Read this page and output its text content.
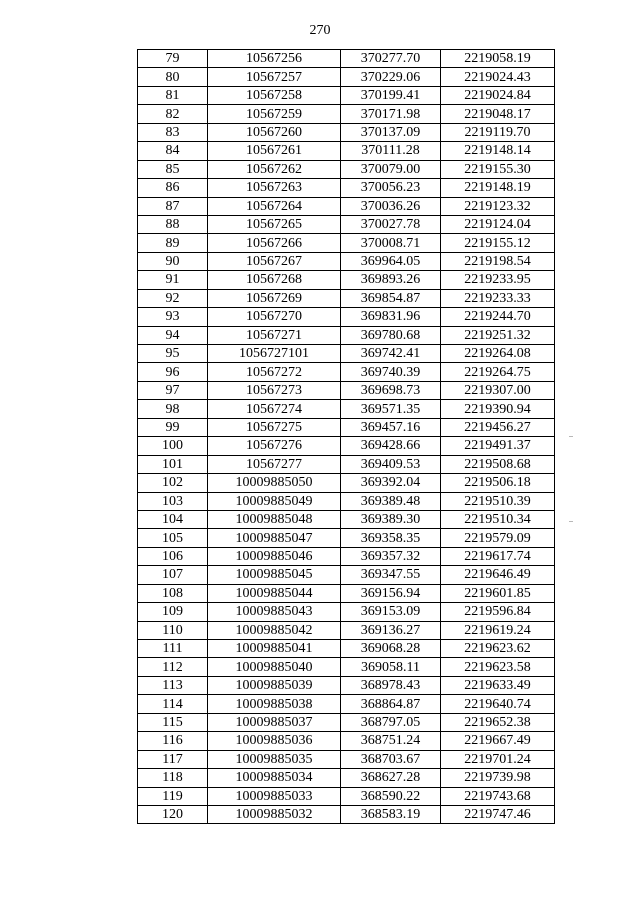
270
79	10567256	370277.70	2219058.19
80	10567257	370229.06	2219024.43
81	10567258	370199.41	2219024.84
82	10567259	370171.98	2219048.17
83	10567260	370137.09	2219119.70
84	10567261	370111.28	2219148.14
85	10567262	370079.00	2219155.30
86	10567263	370056.23	2219148.19
87	10567264	370036.26	2219123.32
88	10567265	370027.78	2219124.04
89	10567266	370008.71	2219155.12
90	10567267	369964.05	2219198.54
91	10567268	369893.26	2219233.95
92	10567269	369854.87	2219233.33
93	10567270	369831.96	2219244.70
94	10567271	369780.68	2219251.32
95	1056727101	369742.41	2219264.08
96	10567272	369740.39	2219264.75
97	10567273	369698.73	2219307.00
98	10567274	369571.35	2219390.94
99	10567275	369457.16	2219456.27
100	10567276	369428.66	2219491.37
101	10567277	369409.53	2219508.68
102	10009885050	369392.04	2219506.18
103	10009885049	369389.48	2219510.39
104	10009885048	369389.30	2219510.34
105	10009885047	369358.35	2219579.09
106	10009885046	369357.32	2219617.74
107	10009885045	369347.55	2219646.49
108	10009885044	369156.94	2219601.85
109	10009885043	369153.09	2219596.84
110	10009885042	369136.27	2219619.24
111	10009885041	369068.28	2219623.62
112	10009885040	369058.11	2219623.58
113	10009885039	368978.43	2219633.49
114	10009885038	368864.87	2219640.74
115	10009885037	368797.05	2219652.38
116	10009885036	368751.24	2219667.49
117	10009885035	368703.67	2219701.24
118	10009885034	368627.28	2219739.98
119	10009885033	368590.22	2219743.68
120	10009885032	368583.19	2219747.46
